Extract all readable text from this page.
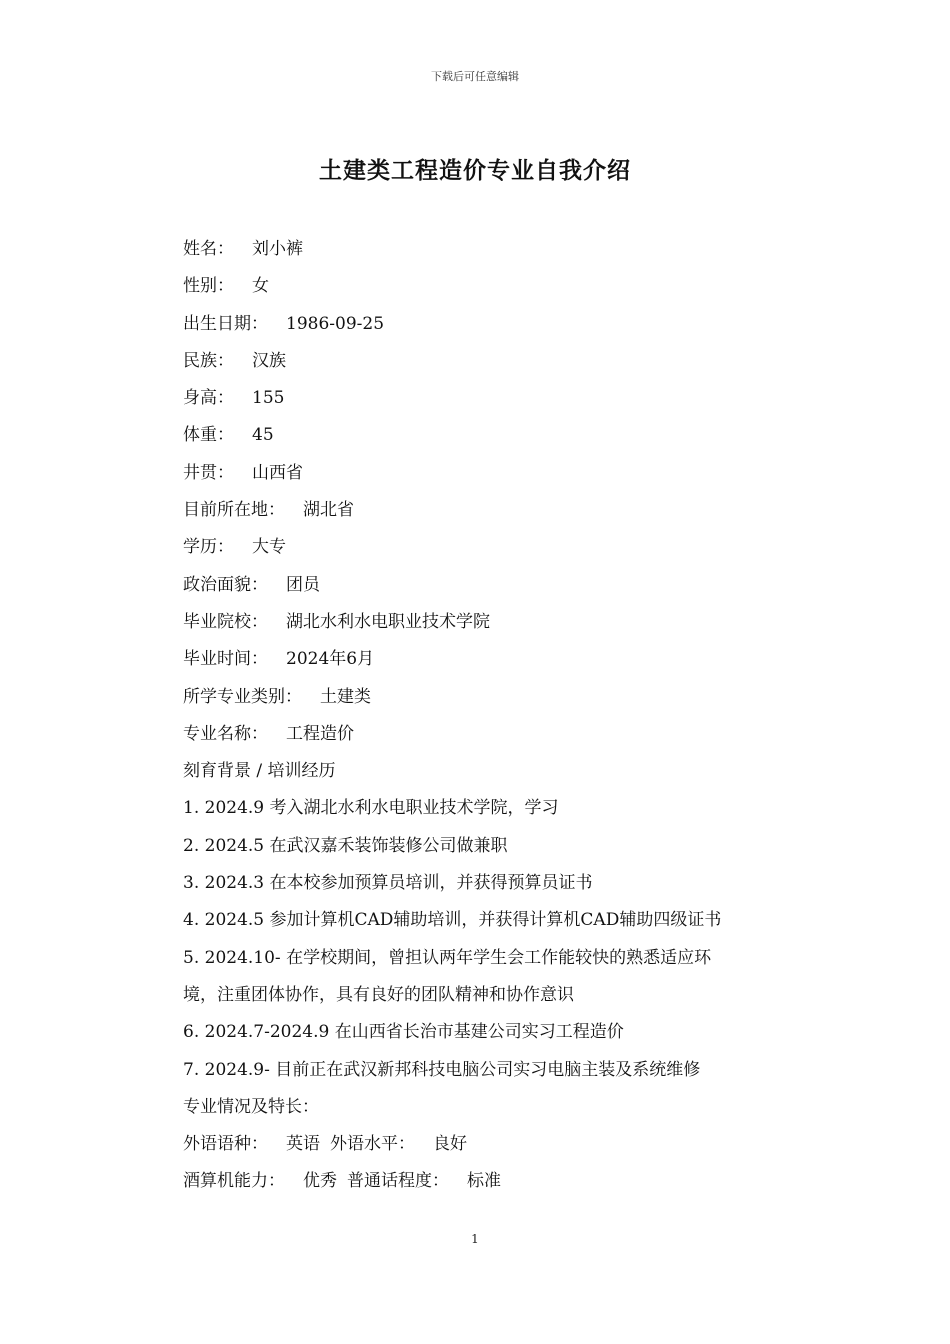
下载后可任意编辑
土建类工程造价专业自我介绍
姓名： 刘小裤
性别： 女
出生日期： 1986-09-25
民族： 汉族
身高： 155
体重： 45
井贯： 山西省
目前所在地： 湖北省
学历： 大专
政治面貌： 团员
毕业院校： 湖北水利水电职业技术学院
毕业时间： 2024年6月
所学专业类别： 土建类
专业名称： 工程造价
刻育背景 / 培训经历
1. 2024.9 考入湖北水利水电职业技术学院，学习
2. 2024.5 在武汉嘉禾装饰装修公司做兼职
3. 2024.3 在本校参加预算员培训，并获得预算员证书
4. 2024.5 参加计算机CAD辅助培训，并获得计算机CAD辅助四级证书
5. 2024.10- 在学校期间，曾担认两年学生会工作能较快的熟悉适应环
境，注重团体协作，具有良好的团队精神和协作意识
6. 2024.7-2024.9 在山西省长治市基建公司实习工程造价
7. 2024.9- 目前正在武汉新邦科技电脑公司实习电脑主装及系统维修
专业情况及特长：
外语语种： 英语 外语水平： 良好
酒算机能力： 优秀 普通话程度： 标准
1
